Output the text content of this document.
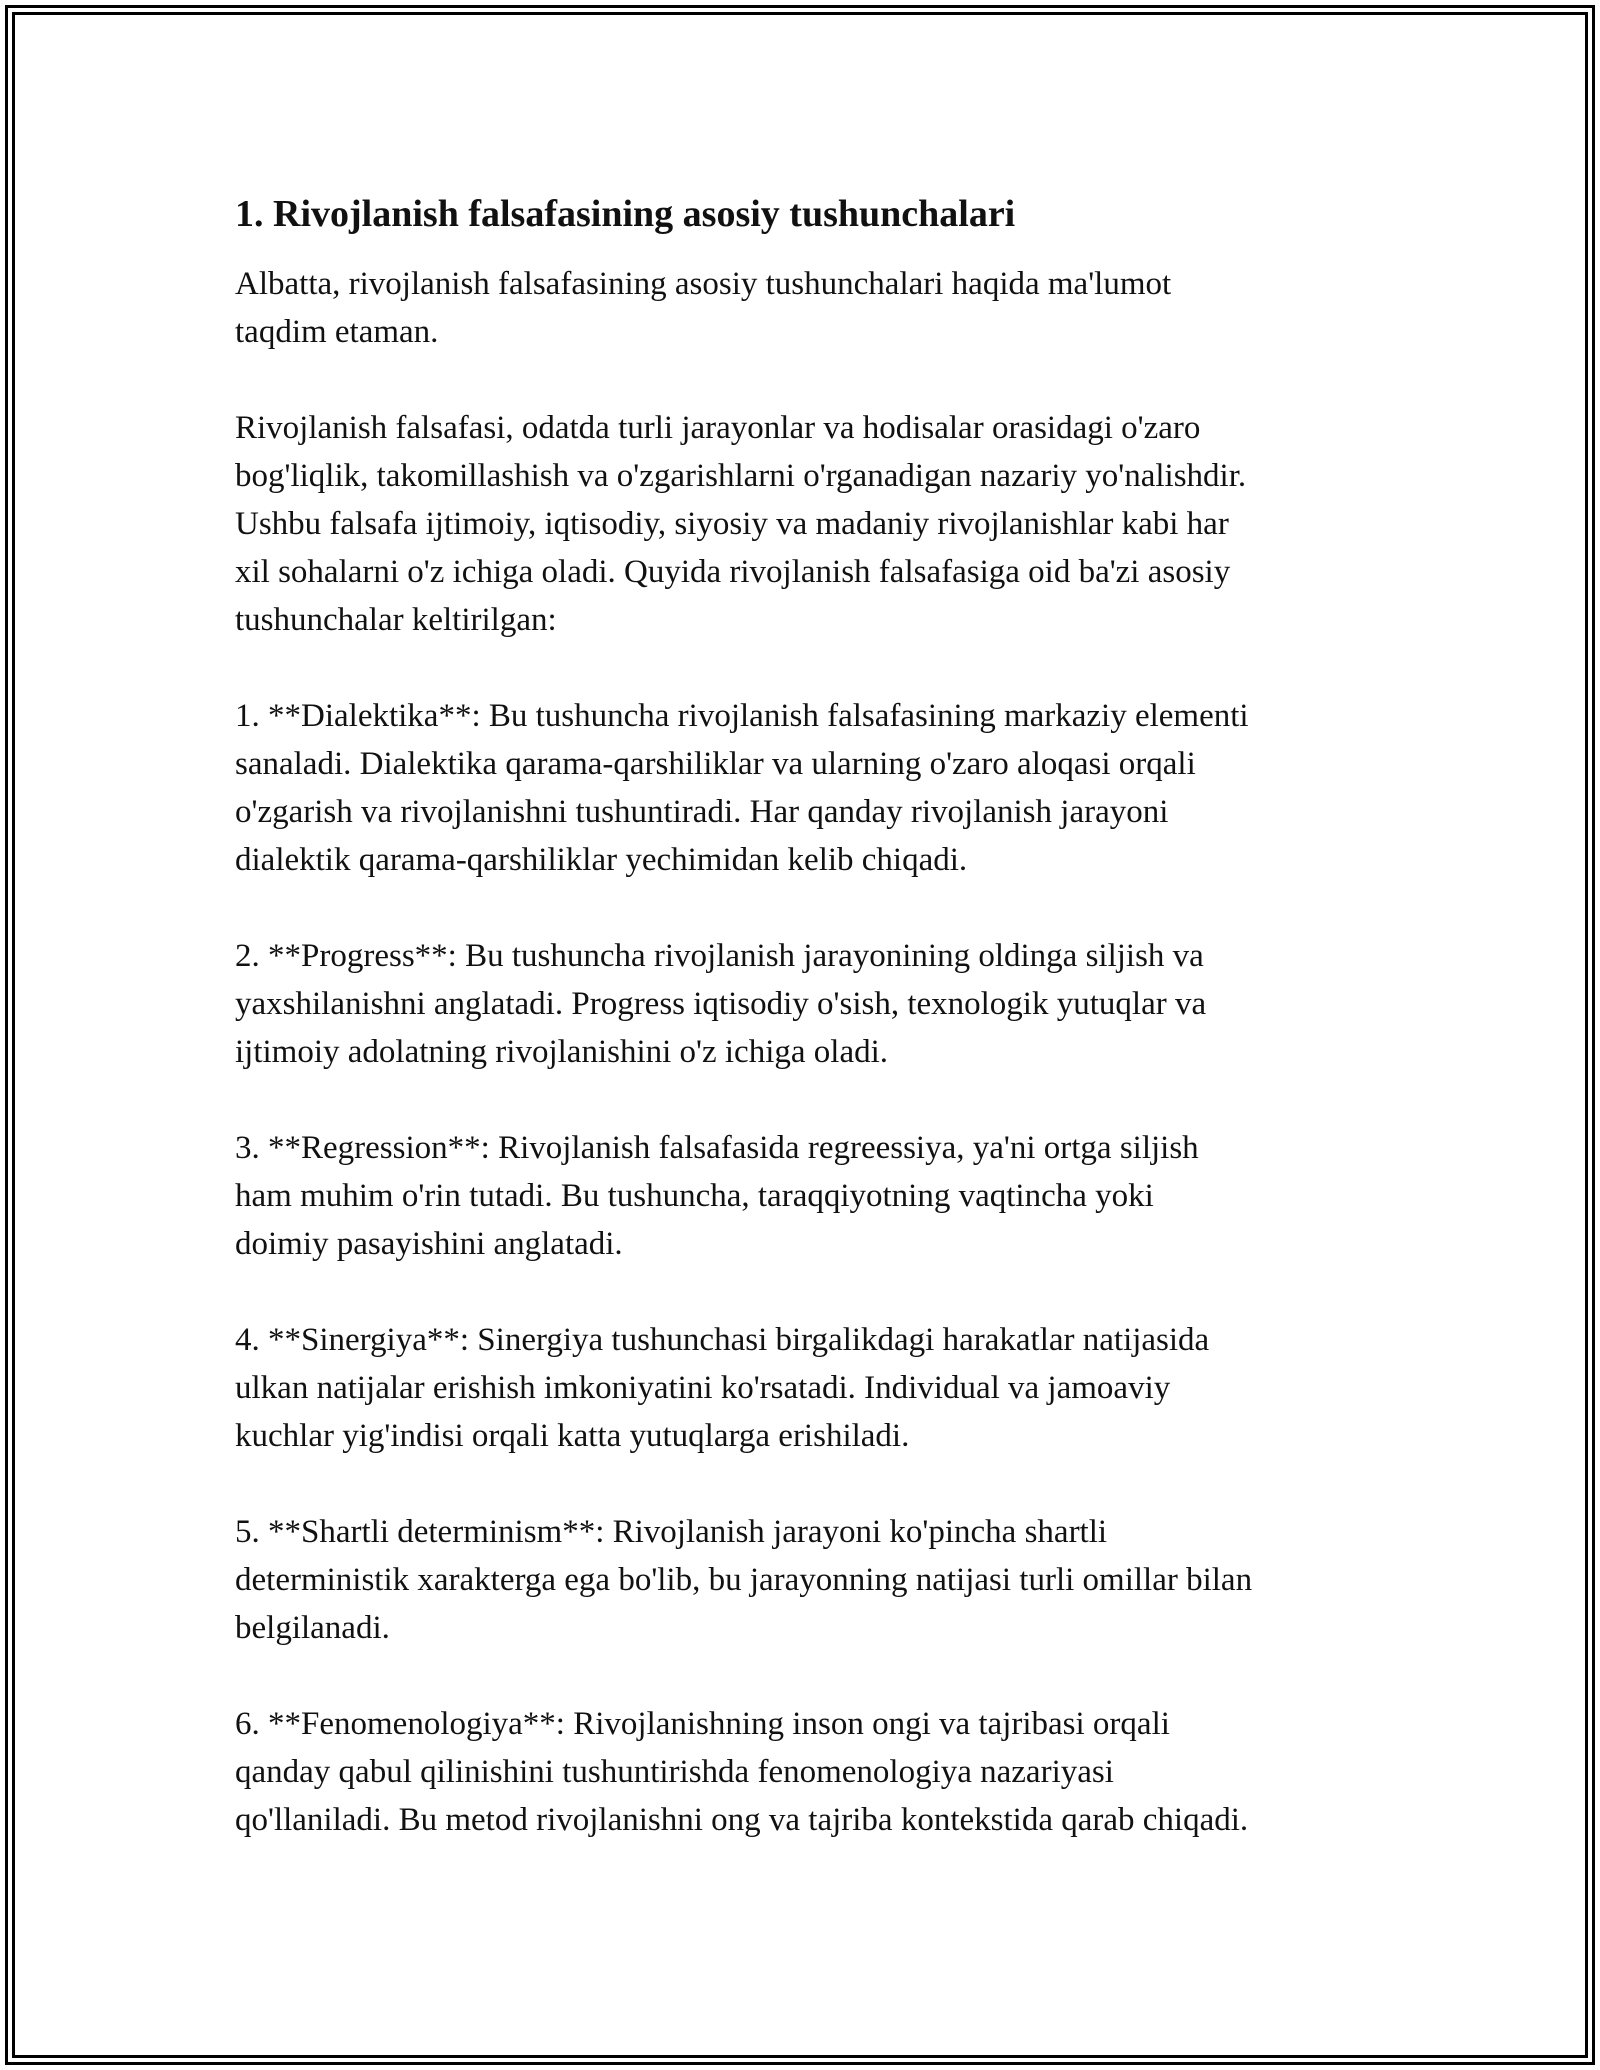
1. Rivojlanish falsafasining asosiy tushunchalari

Albatta, rivojlanish falsafasining asosiy tushunchalari haqida ma'lumot
taqdim etaman.

Rivojlanish falsafasi, odatda turli jarayonlar va hodisalar orasidagi o'zaro
bog'liqlik, takomillashish va o'zgarishlarni o'rganadigan nazariy yo'nalishdir.
Ushbu falsafa ijtimoiy, iqtisodiy, siyosiy va madaniy rivojlanishlar kabi har
xil sohalarni o'z ichiga oladi. Quyida rivojlanish falsafasiga oid ba'zi asosiy
tushunchalar keltirilgan:

1. **Dialektika**: Bu tushuncha rivojlanish falsafasining markaziy elementi
sanaladi. Dialektika qarama-qarshiliklar va ularning o'zaro aloqasi orqali
o'zgarish va rivojlanishni tushuntiradi. Har qanday rivojlanish jarayoni
dialektik qarama-qarshiliklar yechimidan kelib chiqadi.

2. **Progress**: Bu tushuncha rivojlanish jarayonining oldinga siljish va
yaxshilanishni anglatadi. Progress iqtisodiy o'sish, texnologik yutuqlar va
ijtimoiy adolatning rivojlanishini o'z ichiga oladi.

3. **Regression**: Rivojlanish falsafasida regreessiya, ya'ni ortga siljish
ham muhim o'rin tutadi. Bu tushuncha, taraqqiyotning vaqtincha yoki
doimiy pasayishini anglatadi.

4. **Sinergiya**: Sinergiya tushunchasi birgalikdagi harakatlar natijasida
ulkan natijalar erishish imkoniyatini ko'rsatadi. Individual va jamoaviy
kuchlar yig'indisi orqali katta yutuqlarga erishiladi.

5. **Shartli determinism**: Rivojlanish jarayoni ko'pincha shartli
deterministik xarakterga ega bo'lib, bu jarayonning natijasi turli omillar bilan
belgilanadi.

6. **Fenomenologiya**: Rivojlanishning inson ongi va tajribasi orqali
qanday qabul qilinishini tushuntirishda fenomenologiya nazariyasi
qo'llaniladi. Bu metod rivojlanishni ong va tajriba kontekstida qarab chiqadi.
